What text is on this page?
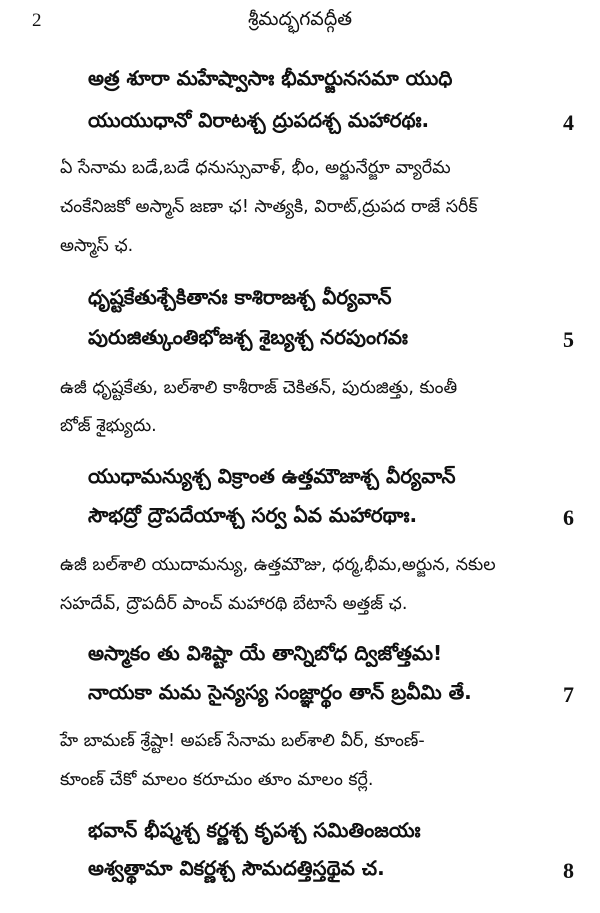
2	శ్రీమద్భగవద్గీత
అత్ర శూరా మహేష్వాసాః భీమార్జునసమా యుధి
యుయుధానో విరాటశ్చ ద్రుపదశ్చ మహారథః.	4
ఏ సేనామ బడే,బడే ధనుస్సువాళ్, భీం, అర్జునేర్జూ వ్యారేమ
చంకేనిజకో అస్మాన్ జణా ఛ! సాత్యకి, విరాట్,ద్రుపద రాజే సరీక్
అస్మాస్ ఛ.
ధృష్టకేతుశ్చేకితానః కాశిరాజశ్చ వీర్యవాన్
పురుజిత్కుంతిభోజశ్చ శైబ్యశ్చ నరపుంగవః	5
ఉజీ ధృష్టకేతు, బల్‌శాలి కాశీరాజ్ చెకితన్, పురుజిత్తు, కుంతీ
బోజ్ శైభ్యుదు.
యుధామన్యుశ్చ విక్రాంత ఉత్తమౌజాశ్చ వీర్యవాన్
సౌభద్రో ద్రౌపదేయాశ్చ సర్వ ఏవ మహారథాః.	6
ఉజీ బల్‌శాలి యుదామన్యు, ఉత్తమౌజు, ధర్మ,భీమ,అర్జున, నకుల
సహదేవ్, ద్రౌపదీర్ పాంచ్ మహారథి బేటాసే అత్తజ్ ఛ.
అస్మాకం తు విశిష్టా యే తాన్నిబోధ ద్విజోత్తమ!
నాయకా మమ సైన్యస్య సంజ్ఞార్థం తాన్ బ్రవీమి తే.	7
హే బామణ్ శ్రేష్టా! అపణ్ సేనామ బల్‌శాలి వీర్, కూంణ్-
కూంణ్ చేకో మాలం కరూచుం తూం మాలం కర్లే.
భవాన్ భీష్మశ్చ కర్ణశ్చ కృపశ్చ సమితింజయః
అశ్వత్థామా వికర్ణశ్చ సౌమదత్తిస్తథైవ చ.	8
